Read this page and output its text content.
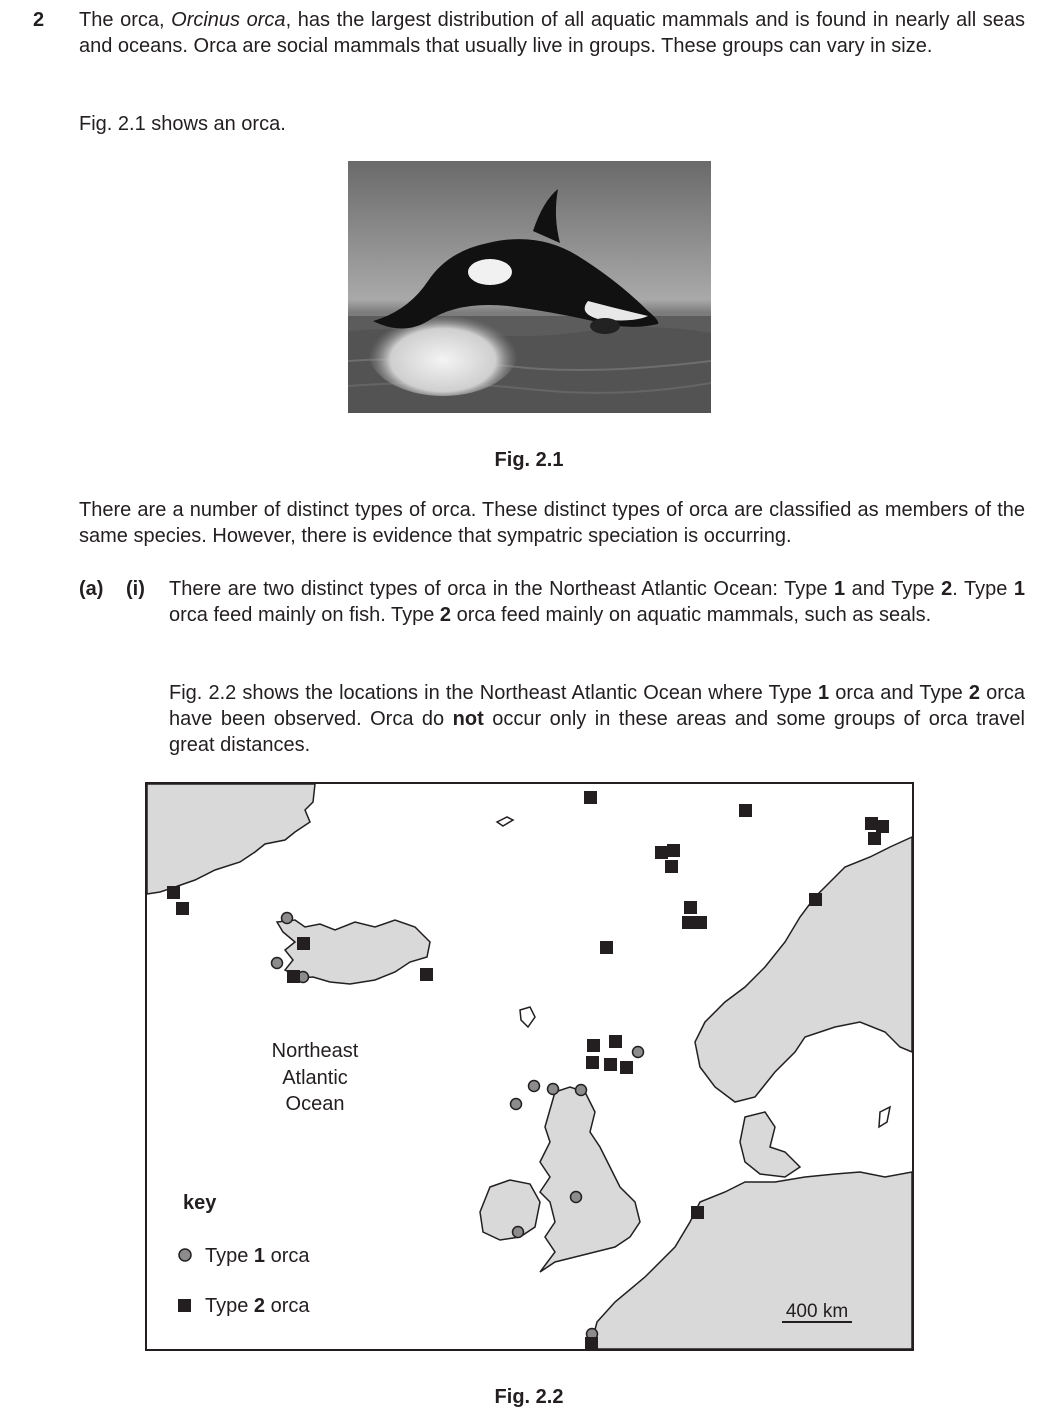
2 The orca, Orcinus orca, has the largest distribution of all aquatic mammals and is found in nearly all seas and oceans. Orca are social mammals that usually live in groups. These groups can vary in size.

Fig. 2.1 shows an orca.
Fig. 2.1
There are a number of distinct types of orca. These distinct types of orca are classified as members of the same species. However, there is evidence that sympatric speciation is occurring.
(a) (i) There are two distinct types of orca in the Northeast Atlantic Ocean: Type 1 and Type 2. Type 1 orca feed mainly on fish. Type 2 orca feed mainly on aquatic mammals, such as seals.
Fig. 2.2 shows the locations in the Northeast Atlantic Ocean where Type 1 orca and Type 2 orca have been observed. Orca do not occur only in these areas and some groups of orca travel great distances.
Northeast
Atlantic
Ocean
key
Type 1 orca
Type 2 orca	400 km
Fig. 2.2
